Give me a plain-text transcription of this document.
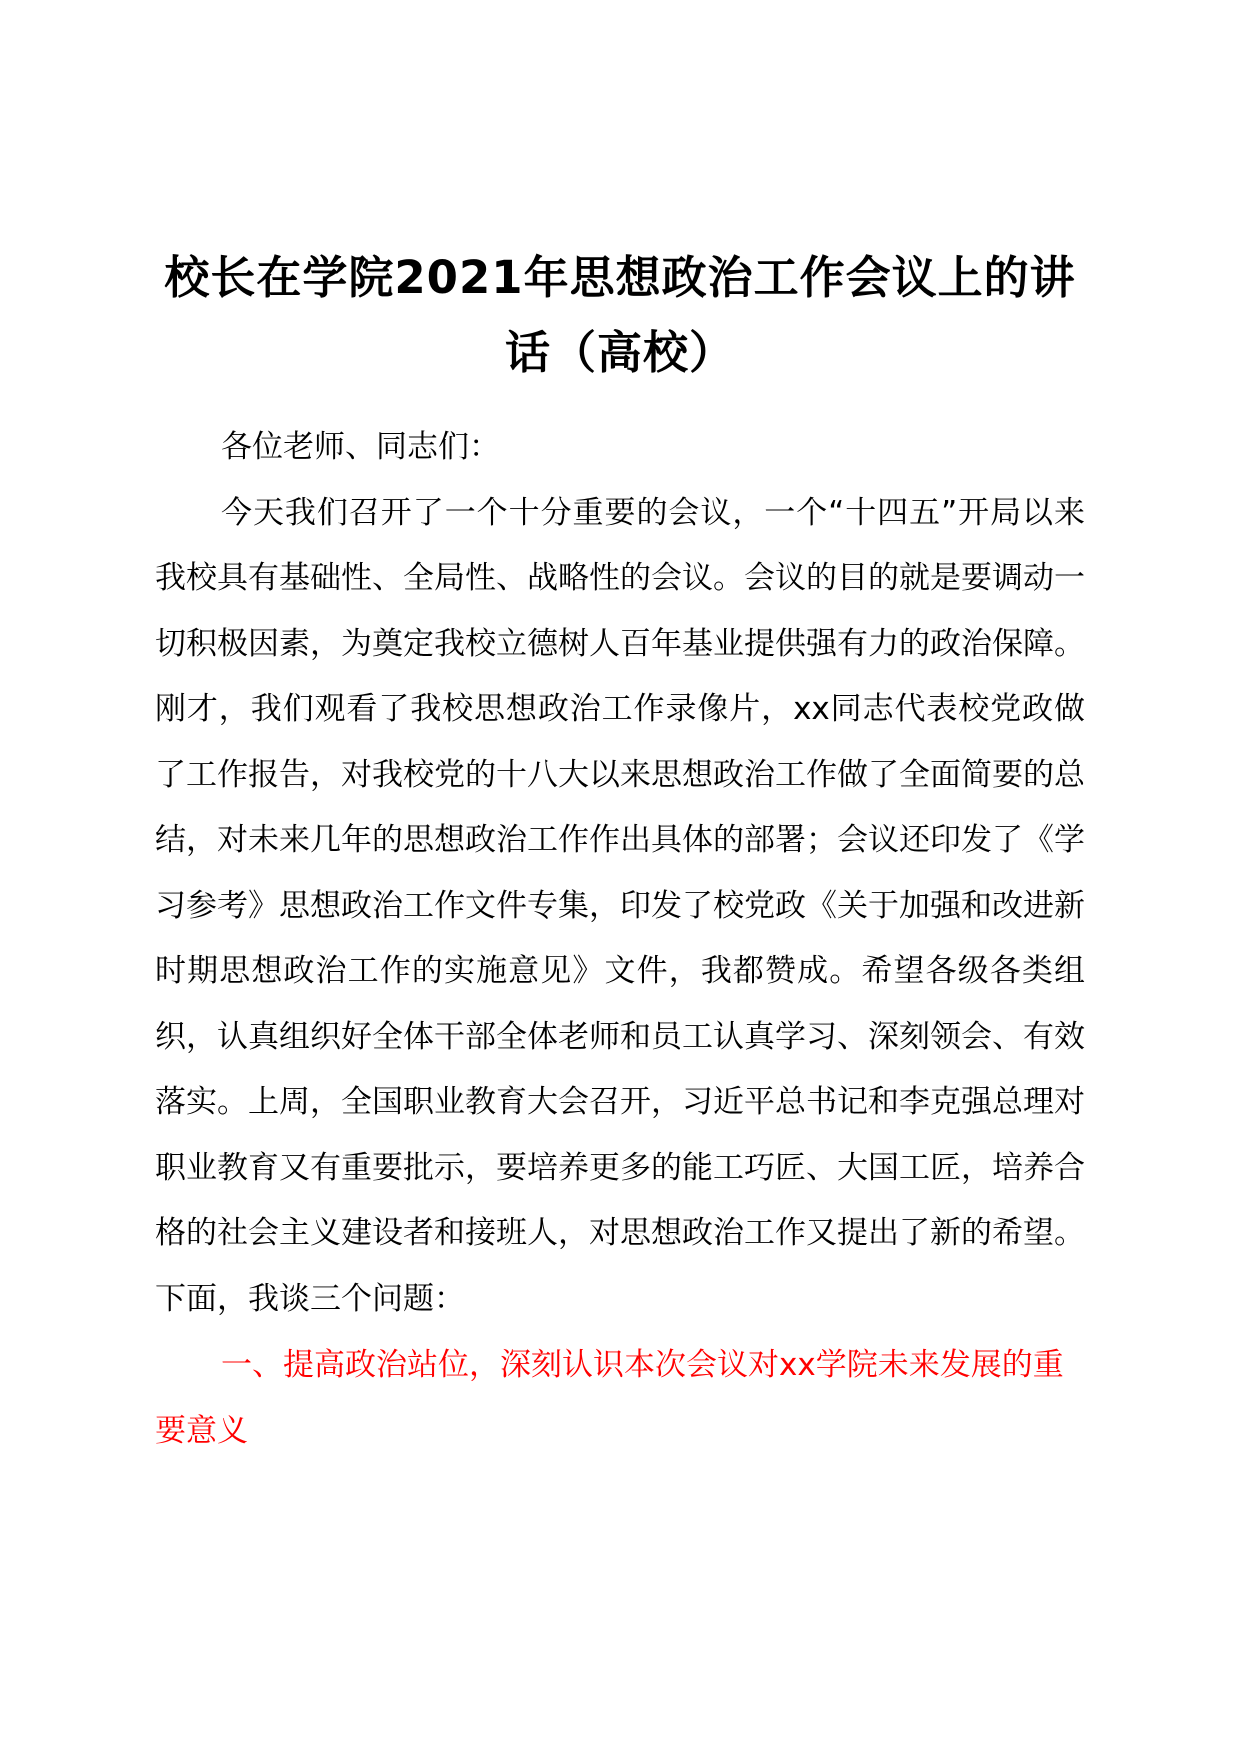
校长在学院2021年思想政治工作会议上的讲话（高校）

各位老师、同志们：

今天我们召开了一个十分重要的会议，一个“十四五”开局以来我校具有基础性、全局性、战略性的会议。会议的目的就是要调动一切积极因素，为奠定我校立德树人百年基业提供强有力的政治保障。刚才，我们观看了我校思想政治工作录像片，xx同志代表校党政做了工作报告，对我校党的十八大以来思想政治工作做了全面简要的总结，对未来几年的思想政治工作作出具体的部署；会议还印发了《学习参考》思想政治工作文件专集，印发了校党政《关于加强和改进新时期思想政治工作的实施意见》文件，我都赞成。希望各级各类组织，认真组织好全体干部全体老师和员工认真学习、深刻领会、有效落实。上周，全国职业教育大会召开，习近平总书记和李克强总理对职业教育又有重要批示，要培养更多的能工巧匠、大国工匠，培养合格的社会主义建设者和接班人，对思想政治工作又提出了新的希望。下面，我谈三个问题：

一、提高政治站位，深刻认识本次会议对xx学院未来发展的重要意义
